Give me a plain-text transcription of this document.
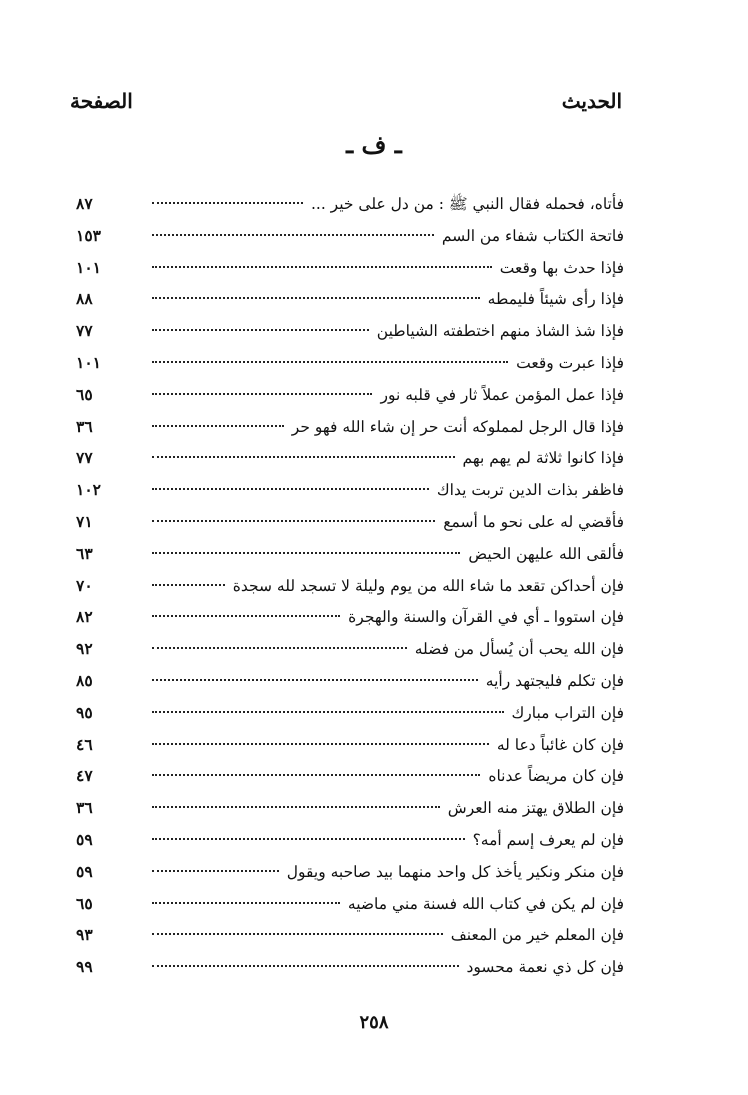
الحديث
الصفحة
ـ ف ـ
فأتاه، فحمله فقال النبي ﷺ : من دل على خير ...
٨٧
فاتحة الكتاب شفاء من السم
١٥٣
فإذا حدث بها وقعت
١٠١
فإذا رأى شيئاً فليمطه
٨٨
فإذا شذ الشاذ منهم اختطفته الشياطين
٧٧
فإذا عبرت وقعت
١٠١
فإذا عمل المؤمن عملاً ثار في قلبه نور
٦٥
فإذا قال الرجل لمملوكه أنت حر إن شاء الله فهو حر
٣٦
فإذا كانوا ثلاثة لم يهم بهم
٧٧
فاظفر بذات الدين تربت يداك
١٠٢
فأقضي له على نحو ما أسمع
٧١
فألقى الله عليهن الحيض
٦٣
فإن أحداكن تقعد ما شاء الله من يوم وليلة لا تسجد لله سجدة
٧٠
فإن استووا ـ أي في القرآن والسنة والهجرة
٨٢
فإن الله يحب أن يُسأل من فضله
٩٢
فإن تكلم فليجتهد رأيه
٨٥
فإن التراب مبارك
٩٥
فإن كان غائباً دعا له
٤٦
فإن كان مريضاً عدناه
٤٧
فإن الطلاق يهتز منه العرش
٣٦
فإن لم يعرف إسم أمه؟
٥٩
فإن منكر ونكير يأخذ كل واحد منهما بيد صاحبه ويقول
٥٩
فإن لم يكن في كتاب الله فسنة مني ماضيه
٦٥
فإن المعلم خير من المعنف
٩٣
فإن كل ذي نعمة محسود
٩٩
٢٥٨
